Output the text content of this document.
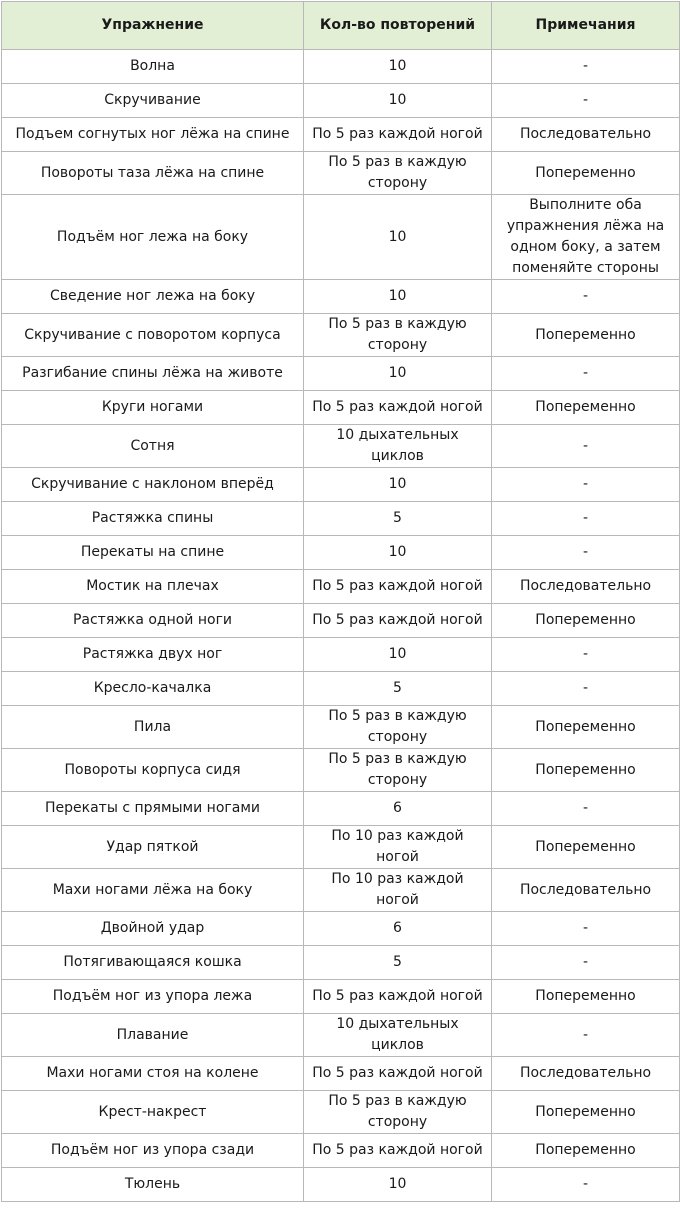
Упражнение	Кол-во повторений	Примечания
Волна	10	-
Скручивание	10	-
Подъем согнутых ног лёжа на спине	По 5 раз каждой ногой	Последовательно
Повороты таза лёжа на спине	По 5 раз в каждую сторону	Попеременно
Подъём ног лежа на боку	10	Выполните оба упражнения лёжа на одном боку, а затем поменяйте стороны
Сведение ног лежа на боку	10	-
Скручивание с поворотом корпуса	По 5 раз в каждую сторону	Попеременно
Разгибание спины лёжа на животе	10	-
Круги ногами	По 5 раз каждой ногой	Попеременно
Сотня	10 дыхательных циклов	-
Скручивание с наклоном вперёд	10	-
Растяжка спины	5	-
Перекаты на спине	10	-
Мостик на плечах	По 5 раз каждой ногой	Последовательно
Растяжка одной ноги	По 5 раз каждой ногой	Попеременно
Растяжка двух ног	10	-
Кресло-качалка	5	-
Пила	По 5 раз в каждую сторону	Попеременно
Повороты корпуса сидя	По 5 раз в каждую сторону	Попеременно
Перекаты с прямыми ногами	6	-
Удар пяткой	По 10 раз каждой ногой	Попеременно
Махи ногами лёжа на боку	По 10 раз каждой ногой	Последовательно
Двойной удар	6	-
Потягивающаяся кошка	5	-
Подъём ног из упора лежа	По 5 раз каждой ногой	Попеременно
Плавание	10 дыхательных циклов	-
Махи ногами стоя на колене	По 5 раз каждой ногой	Последовательно
Крест-накрест	По 5 раз в каждую сторону	Попеременно
Подъём ног из упора сзади	По 5 раз каждой ногой	Попеременно
Тюлень	10	-
